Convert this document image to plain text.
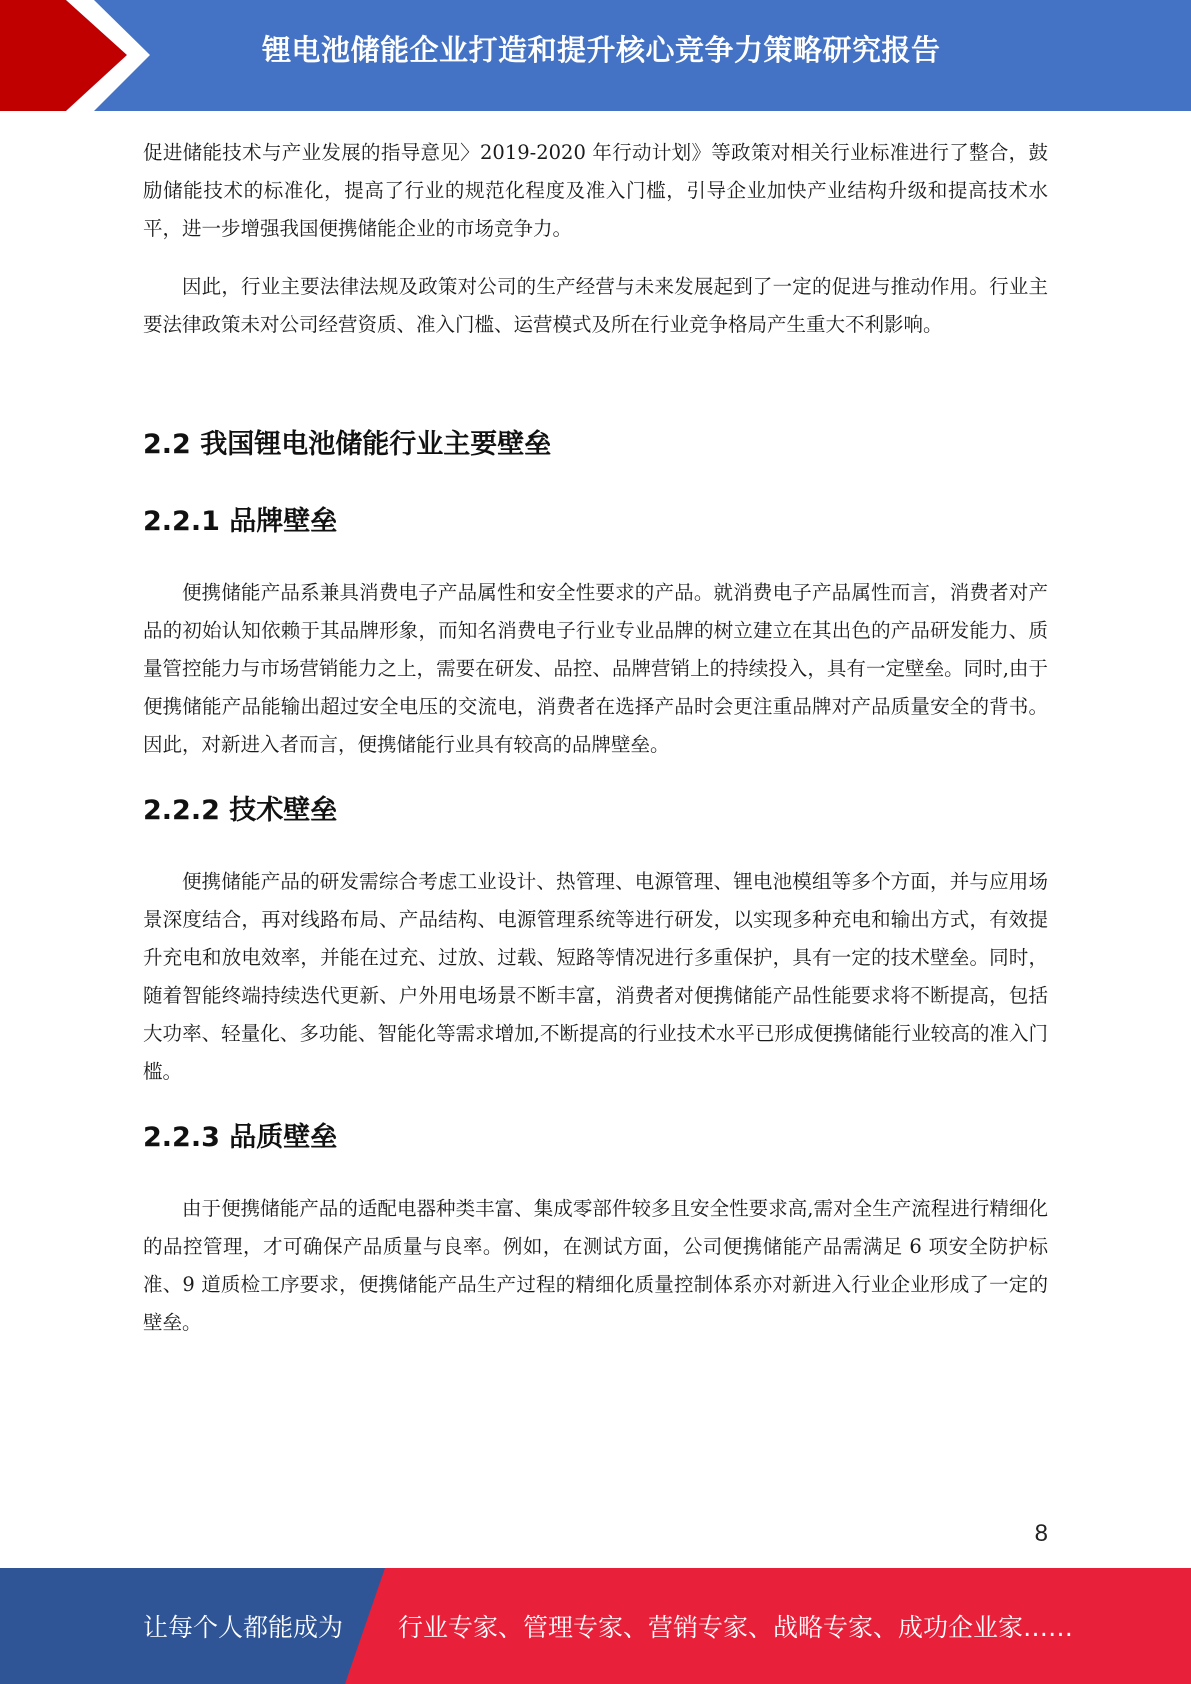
锂电池储能企业打造和提升核心竞争力策略研究报告

促进储能技术与产业发展的指导意见〉2019-2020 年行动计划》等政策对相关行业标准进行了整合，鼓励储能技术的标准化，提高了行业的规范化程度及准入门槛，引导企业加快产业结构升级和提高技术水平，进一步增强我国便携储能企业的市场竞争力。

因此，行业主要法律法规及政策对公司的生产经营与未来发展起到了一定的促进与推动作用。行业主要法律政策未对公司经营资质、准入门槛、运营模式及所在行业竞争格局产生重大不利影响。

2.2 我国锂电池储能行业主要壁垒
2.2.1 品牌壁垒

便携储能产品系兼具消费电子产品属性和安全性要求的产品。就消费电子产品属性而言，消费者对产品的初始认知依赖于其品牌形象，而知名消费电子行业专业品牌的树立建立在其出色的产品研发能力、质量管控能力与市场营销能力之上，需要在研发、品控、品牌营销上的持续投入，具有一定壁垒。同时,由于便携储能产品能输出超过安全电压的交流电，消费者在选择产品时会更注重品牌对产品质量安全的背书。因此，对新进入者而言，便携储能行业具有较高的品牌壁垒。

2.2.2 技术壁垒

便携储能产品的研发需综合考虑工业设计、热管理、电源管理、锂电池模组等多个方面，并与应用场景深度结合，再对线路布局、产品结构、电源管理系统等进行研发，以实现多种充电和输出方式，有效提升充电和放电效率，并能在过充、过放、过载、短路等情况进行多重保护，具有一定的技术壁垒。同时，随着智能终端持续迭代更新、户外用电场景不断丰富，消费者对便携储能产品性能要求将不断提高，包括大功率、轻量化、多功能、智能化等需求增加,不断提高的行业技术水平已形成便携储能行业较高的准入门槛。

2.2.3 品质壁垒

由于便携储能产品的适配电器种类丰富、集成零部件较多且安全性要求高,需对全生产流程进行精细化的品控管理，才可确保产品质量与良率。例如，在测试方面，公司便携储能产品需满足 6 项安全防护标准、9 道质检工序要求，便携储能产品生产过程的精细化质量控制体系亦对新进入行业企业形成了一定的壁垒。

8
让每个人都能成为 行业专家、管理专家、营销专家、战略专家、成功企业家……
